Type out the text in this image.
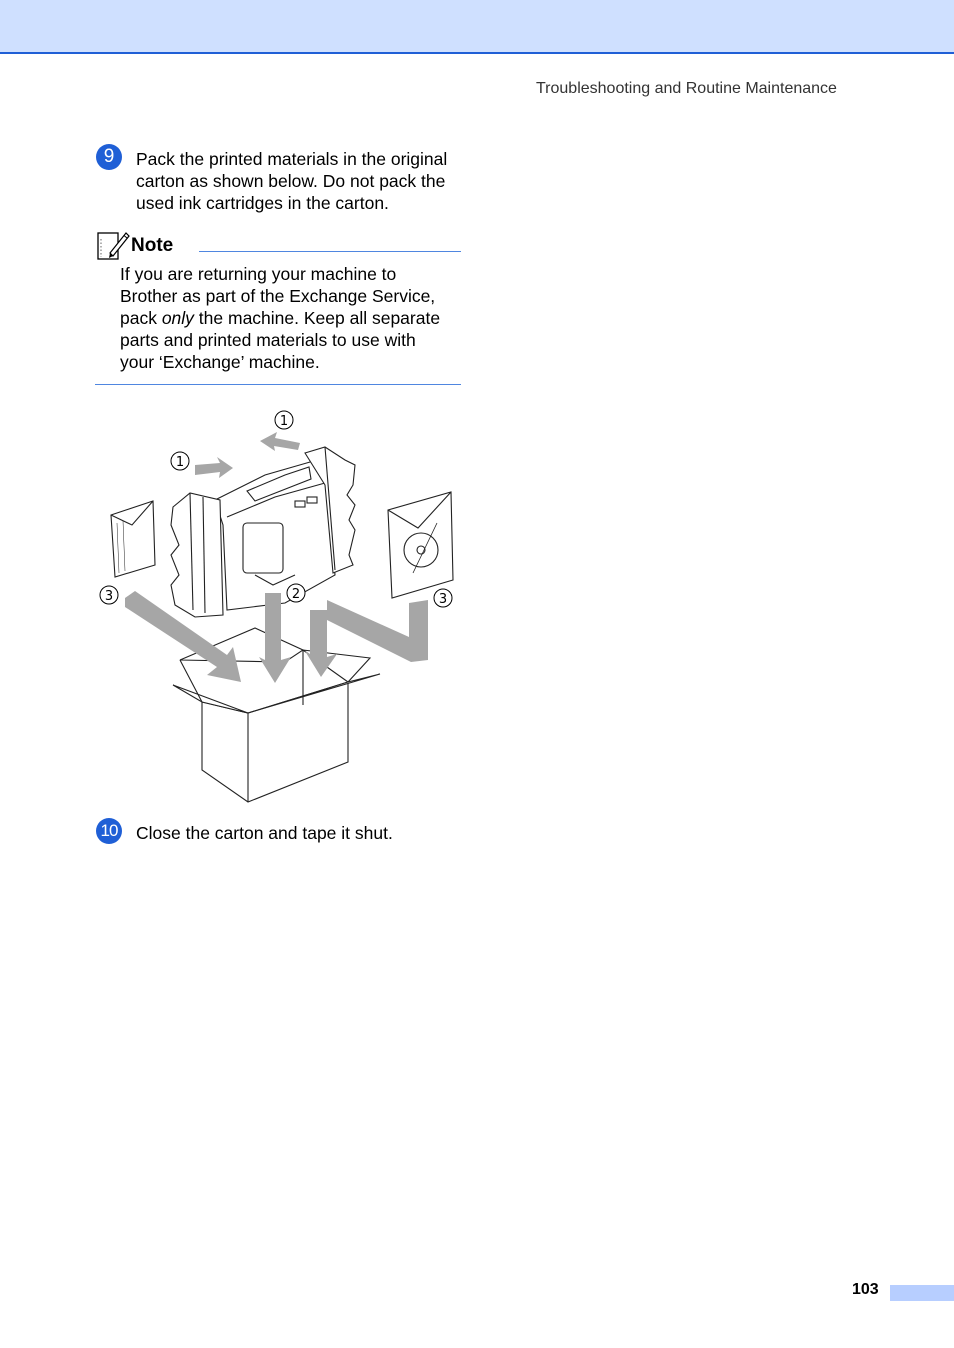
Troubleshooting and Routine Maintenance
9	Pack the printed materials in the original
carton as shown below. Do not pack the
used ink cartridges in the carton.
Note
If you are returning your machine to
Brother as part of the Exchange Service,
pack only the machine. Keep all separate
parts and printed materials to use with
your ‘Exchange’ machine.
1
1
2
3	3
10 Close the carton and tape it shut.
103
